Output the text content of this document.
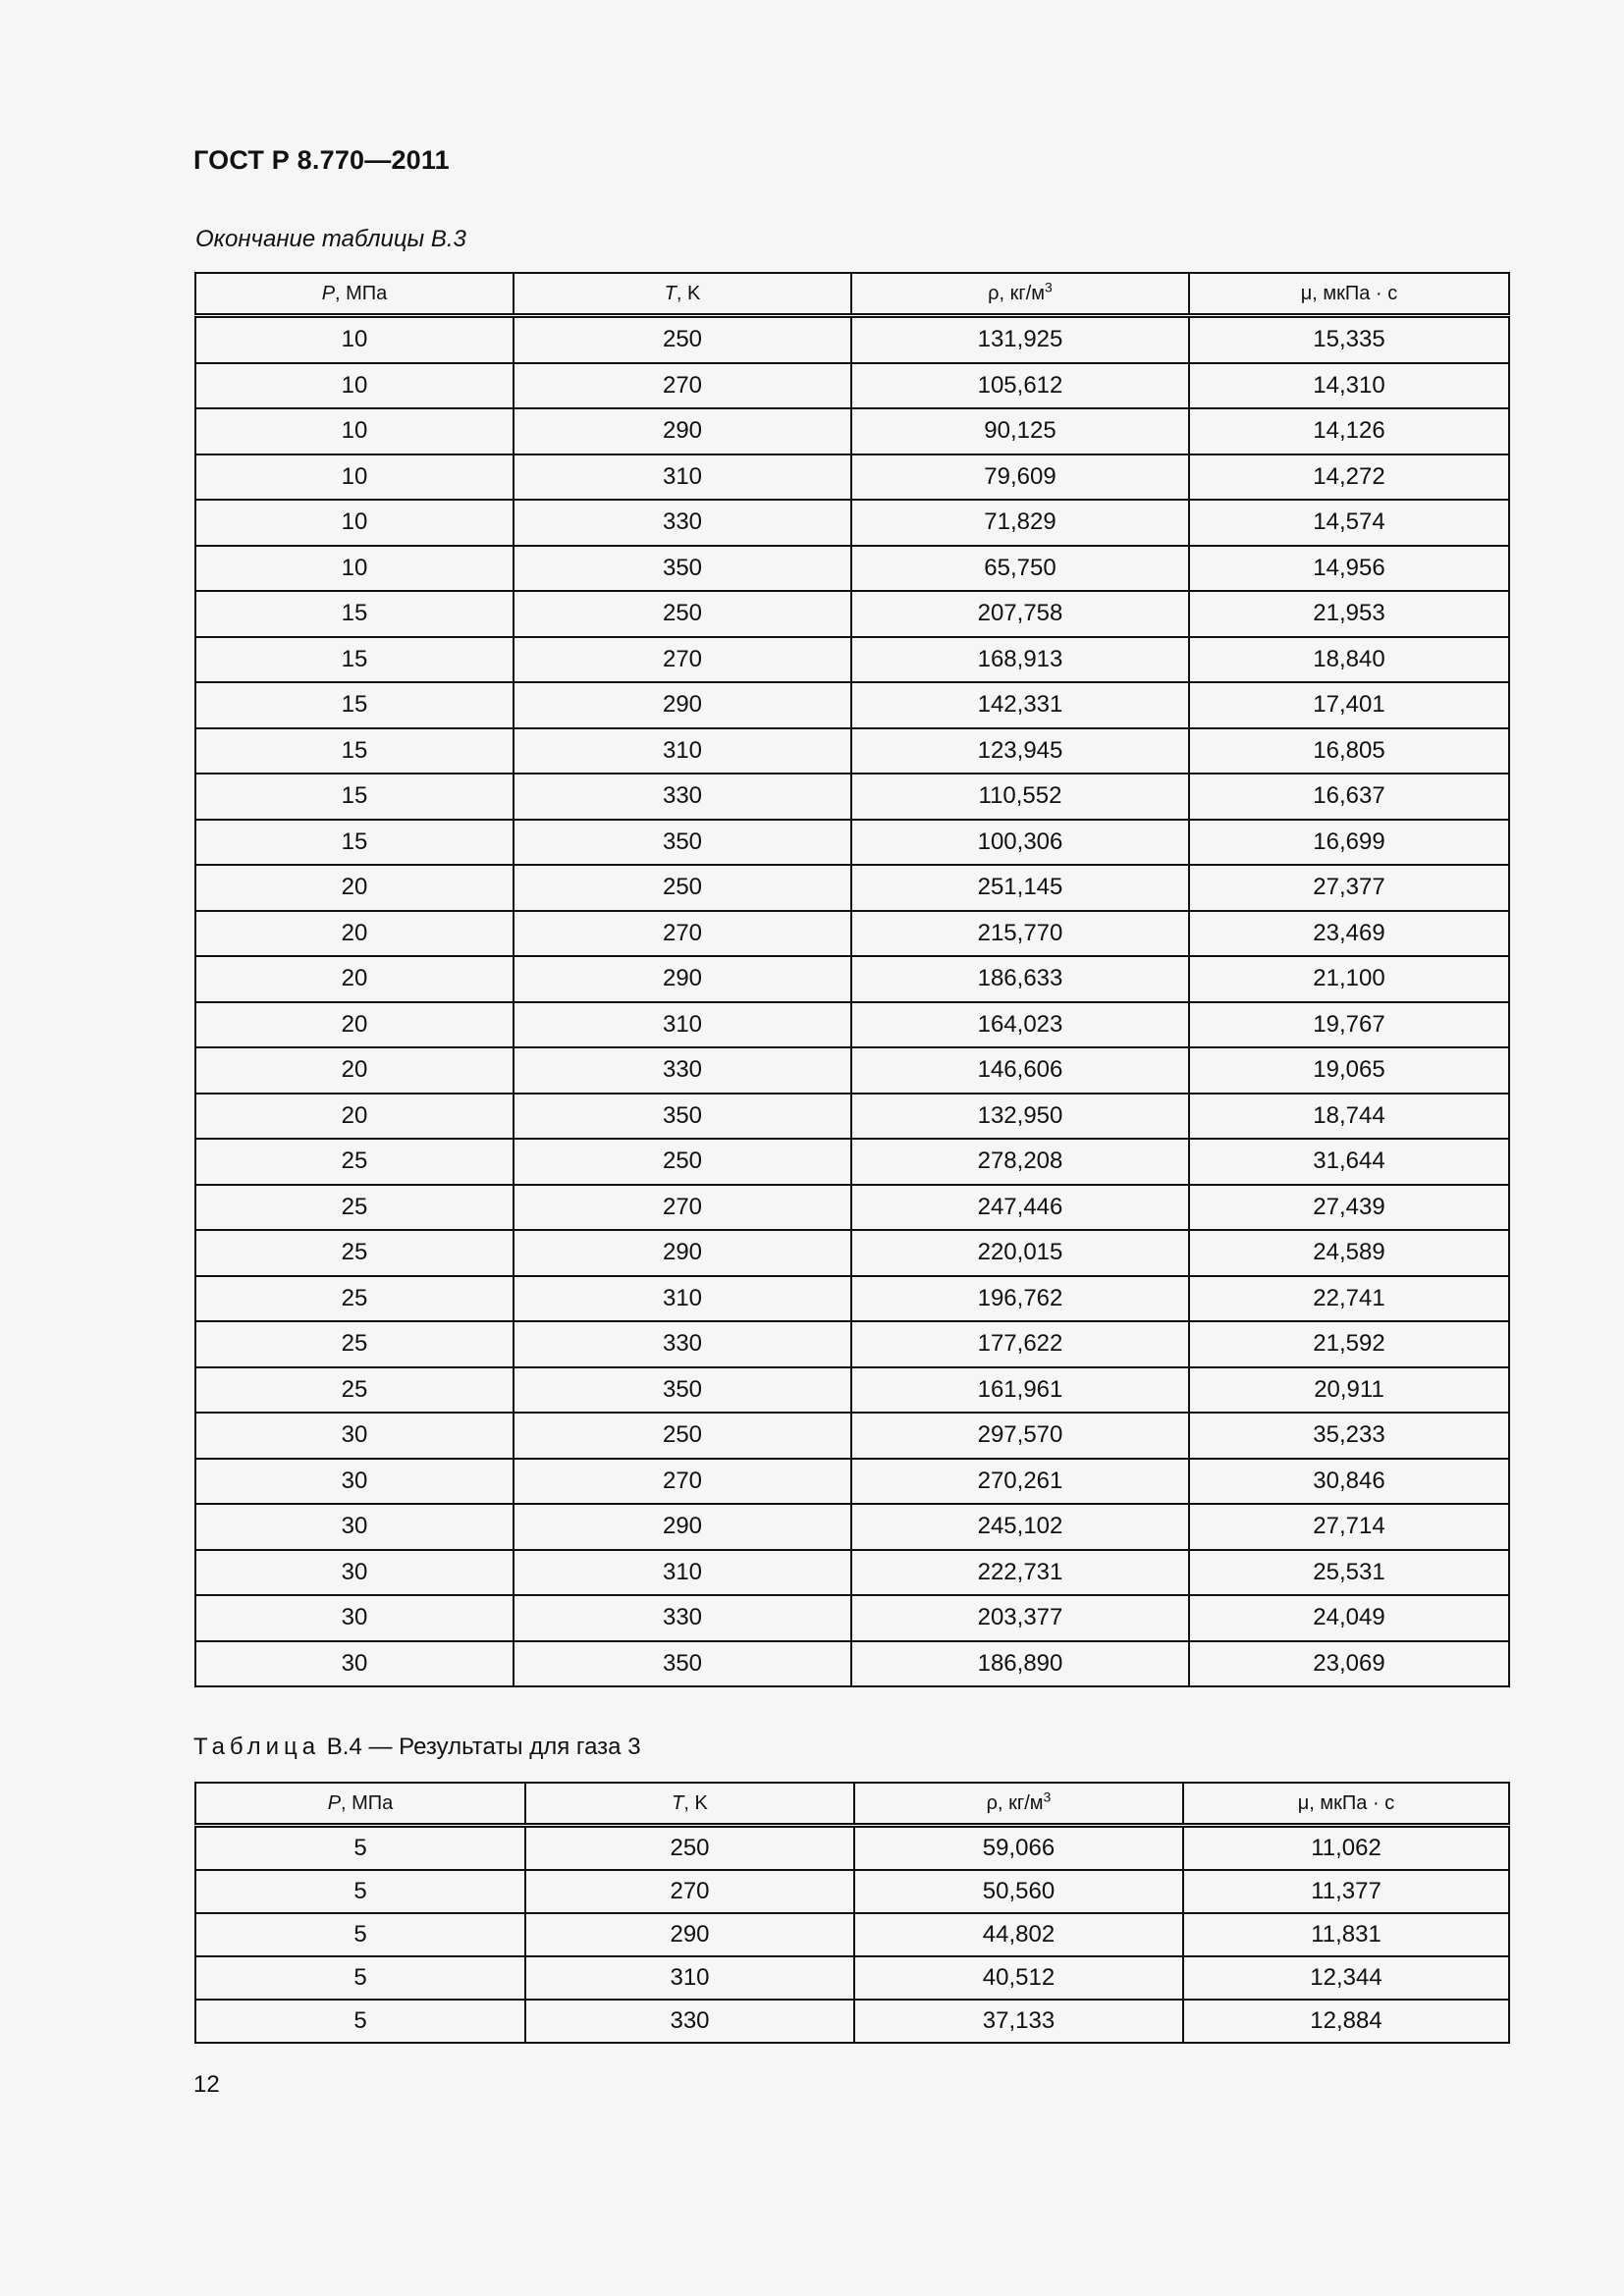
ГОСТ Р 8.770—2011
Окончание таблицы В.3
P, МПа	T, K	ρ, $кг/м^3$	μ, мкПа · с
10	250	131,925	15,335
10	270	105,612	14,310
10	290	90,125	14,126
10	310	79,609	14,272
10	330	71,829	14,574
10	350	65,750	14,956
15	250	207,758	21,953
15	270	168,913	18,840
15	290	142,331	17,401
15	310	123,945	16,805
15	330	110,552	16,637
15	350	100,306	16,699
20	250	251,145	27,377
20	270	215,770	23,469
20	290	186,633	21,100
20	310	164,023	19,767
20	330	146,606	19,065
20	350	132,950	18,744
25	250	278,208	31,644
25	270	247,446	27,439
25	290	220,015	24,589
25	310	196,762	22,741
25	330	177,622	21,592
25	350	161,961	20,911
30	250	297,570	35,233
30	270	270,261	30,846
30	290	245,102	27,714
30	310	222,731	25,531
30	330	203,377	24,049
30	350	186,890	23,069
Таблица В.4 — Результаты для газа 3
P, МПа	T, K	ρ, $кг/м^3$	μ, мкПа · с
5	250	59,066	11,062
5	270	50,560	11,377
5	290	44,802	11,831
5	310	40,512	12,344
5	330	37,133	12,884
12
